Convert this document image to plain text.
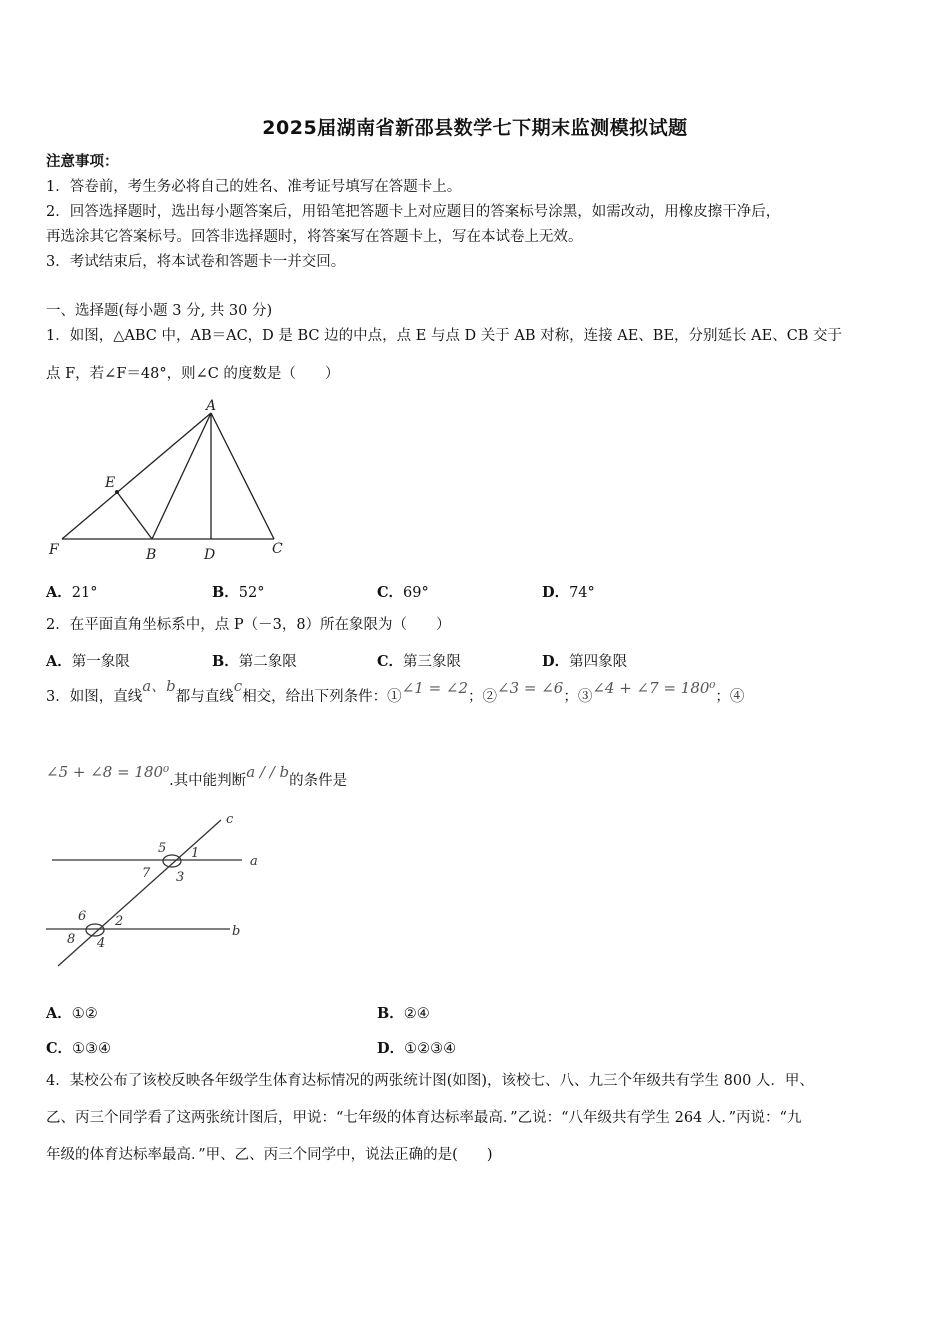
2025届湖南省新邵县数学七下期末监测模拟试题
注意事项：
1．答卷前，考生务必将自己的姓名、准考证号填写在答题卡上。
2．回答选择题时，选出每小题答案后，用铅笔把答题卡上对应题目的答案标号涂黑，如需改动，用橡皮擦干净后，
再选涂其它答案标号。回答非选择题时，将答案写在答题卡上，写在本试卷上无效。
3．考试结束后，将本试卷和答题卡一并交回。
一、选择题(每小题 3 分, 共 30 分)
1．如图，△ABC 中，AB＝AC，D 是 BC 边的中点，点 E 与点 D 关于 AB 对称，连接 AE、BE，分别延长 AE、CB 交于
点 F，若∠F＝48°，则∠C 的度数是（　　）
A
E
F	B	D	C
A．21°	B．52°	C．69°	D．74°
2．在平面直角坐标系中，点 P（－3，8）所在象限为（　　）
A．第一象限	B．第二象限	C．第三象限	D．第四象限
3．如图，直线a、b都与直线c相交，给出下列条件：①∠1 = ∠2；②∠3 = ∠6；③∠4 + ∠7 = 180⁰；④
∠5 + ∠8 = 180⁰.其中能判断a / / b的条件是
c
5 1
a
7 3
6 2
b
8 4
A．①②	B．②④
C．①③④	D．①②③④
4．某校公布了该校反映各年级学生体育达标情况的两张统计图(如图)，该校七、八、九三个年级共有学生 800 人．甲、
乙、丙三个同学看了这两张统计图后，甲说：“七年级的体育达标率最高．”乙说：“八年级共有学生 264 人．”丙说：“九
年级的体育达标率最高．”甲、乙、丙三个同学中，说法正确的是(　　)
